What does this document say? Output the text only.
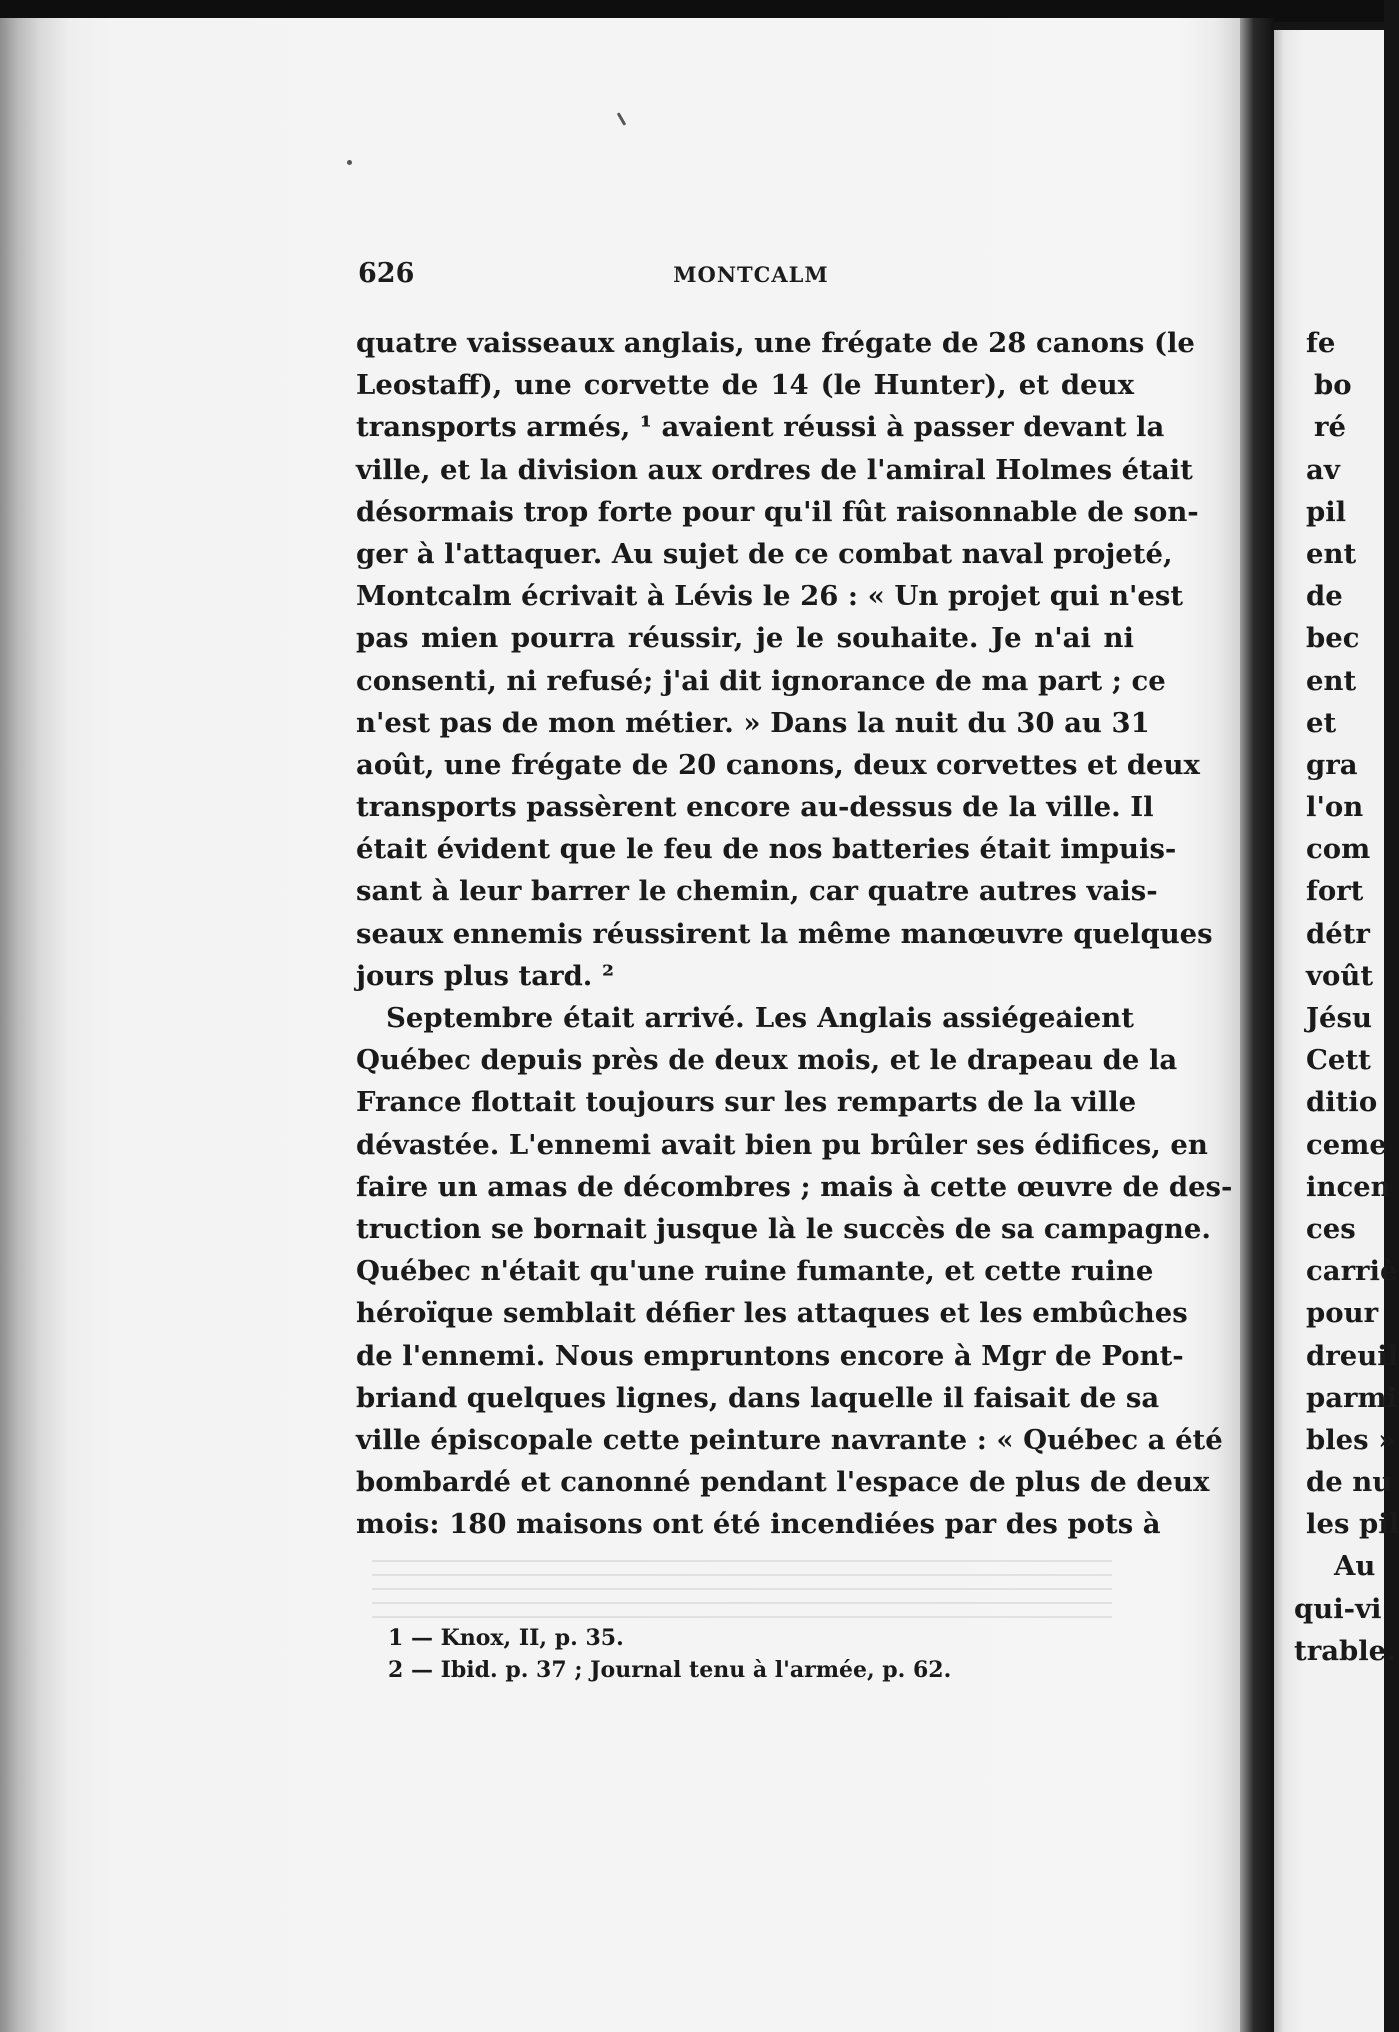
626	MONTCALM
quatre vaisseaux anglais, une frégate de 28 canons (le
Leostaff), une corvette de 14 (le Hunter), et deux
transports armés, ¹ avaient réussi à passer devant la
ville, et la division aux ordres de l'amiral Holmes était
désormais trop forte pour qu'il fût raisonnable de son-
ger à l'attaquer. Au sujet de ce combat naval projeté,
Montcalm écrivait à Lévis le 26 : « Un projet qui n'est
pas mien pourra réussir, je le souhaite. Je n'ai ni
consenti, ni refusé; j'ai dit ignorance de ma part ; ce
n'est pas de mon métier. » Dans la nuit du 30 au 31
août, une frégate de 20 canons, deux corvettes et deux
transports passèrent encore au-dessus de la ville. Il
était évident que le feu de nos batteries était impuis-
sant à leur barrer le chemin, car quatre autres vais-
seaux ennemis réussirent la même manœuvre quelques
jours plus tard. ²
Septembre était arrivé. Les Anglais assiégeaient
Québec depuis près de deux mois, et le drapeau de la
France flottait toujours sur les remparts de la ville
dévastée. L'ennemi avait bien pu brûler ses édifices, en
faire un amas de décombres ; mais à cette œuvre de des-
truction se bornait jusque là le succès de sa campagne.
Québec n'était qu'une ruine fumante, et cette ruine
héroïque semblait défier les attaques et les embûches
de l'ennemi. Nous empruntons encore à Mgr de Pont-
briand quelques lignes, dans laquelle il faisait de sa
ville épiscopale cette peinture navrante : « Québec a été
bombardé et canonné pendant l'espace de plus de deux
mois: 180 maisons ont été incendiées par des pots à
1 — Knox, II, p. 35.
2 — Ibid. p. 37 ; Journal tenu à l'armée, p. 62.
fe
bo
ré
av
pil
ent
de
bec
ent
et
gra
l'on
com
fort
détr
voût
Jésu
Cett
ditio
ceme
incen
ces
carriè
pour
dreuil
parmi
bles »
de nu
les pil
Au
qui-vi
trable.
